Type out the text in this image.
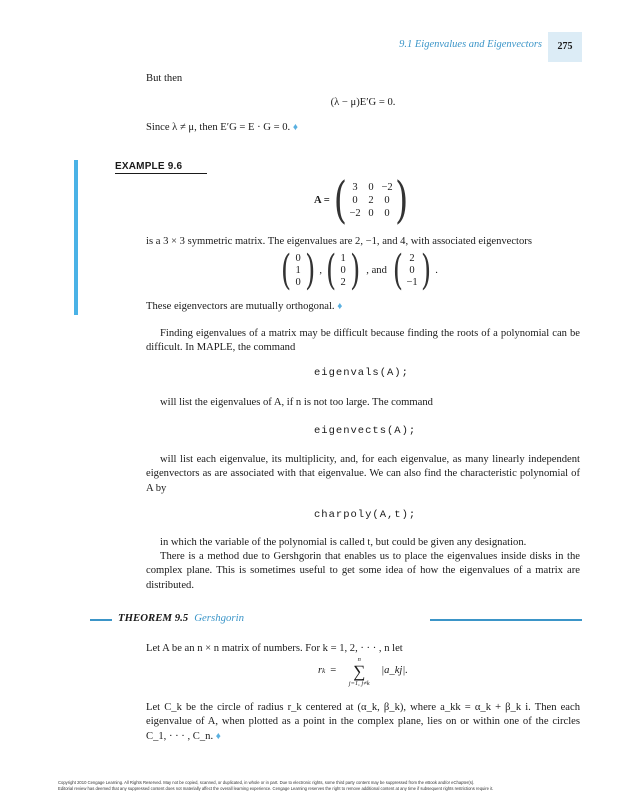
9.1 Eigenvalues and Eigenvectors	275
But then
(λ − μ)E′G = 0.
Since λ ≠ μ, then E′G = E · G = 0. ♦
EXAMPLE 9.6
A = ( 3	0 −2
0	2	0
−2 0	0 )
is a 3 × 3 symmetric matrix. The eigenvalues are 2, −1, and 4, with associated eigenvectors
( 0
1
0 ) , ( 1
0
2 ) , and ( 2
0
−1 ) .
These eigenvectors are mutually orthogonal. ♦
Finding eigenvalues of a matrix may be difficult because finding the roots of a polynomial can be difficult. In MAPLE, the command
eigenvals(A);
will list the eigenvalues of A, if n is not too large. The command
eigenvects(A);
will list each eigenvalue, its multiplicity, and, for each eigenvalue, as many linearly independent eigenvectors as are associated with that eigenvalue. We can also find the characteristic polynomial of A by
charpoly(A,t);
in which the variable of the polynomial is called t, but could be given any designation.
There is a method due to Gershgorin that enables us to place the eigenvalues inside disks in the complex plane. This is sometimes useful to get some idea of how the eigenvalues of a matrix are distributed.
THEOREM 9.5 Gershgorin
Let A be an n × n matrix of numbers. For k = 1, 2, · · · , n let
r k =
n
∑
j=1, j≠k
|a_kj|.
Let C_k be the circle of radius r_k centered at (α_k, β_k), where a_kk = α_k + β_k i. Then each eigenvalue of A, when plotted as a point in the complex plane, lies on or within one of the circles C_1, · · · , C_n. ♦
Copyright 2010 Cengage Learning. All Rights Reserved. May not be copied, scanned, or duplicated, in whole or in part. Due to electronic rights, some third party content may be suppressed from the eBook and/or eChapter(s).
Editorial review has deemed that any suppressed content does not materially affect the overall learning experience. Cengage Learning reserves the right to remove additional content at any time if subsequent rights restrictions require it.
